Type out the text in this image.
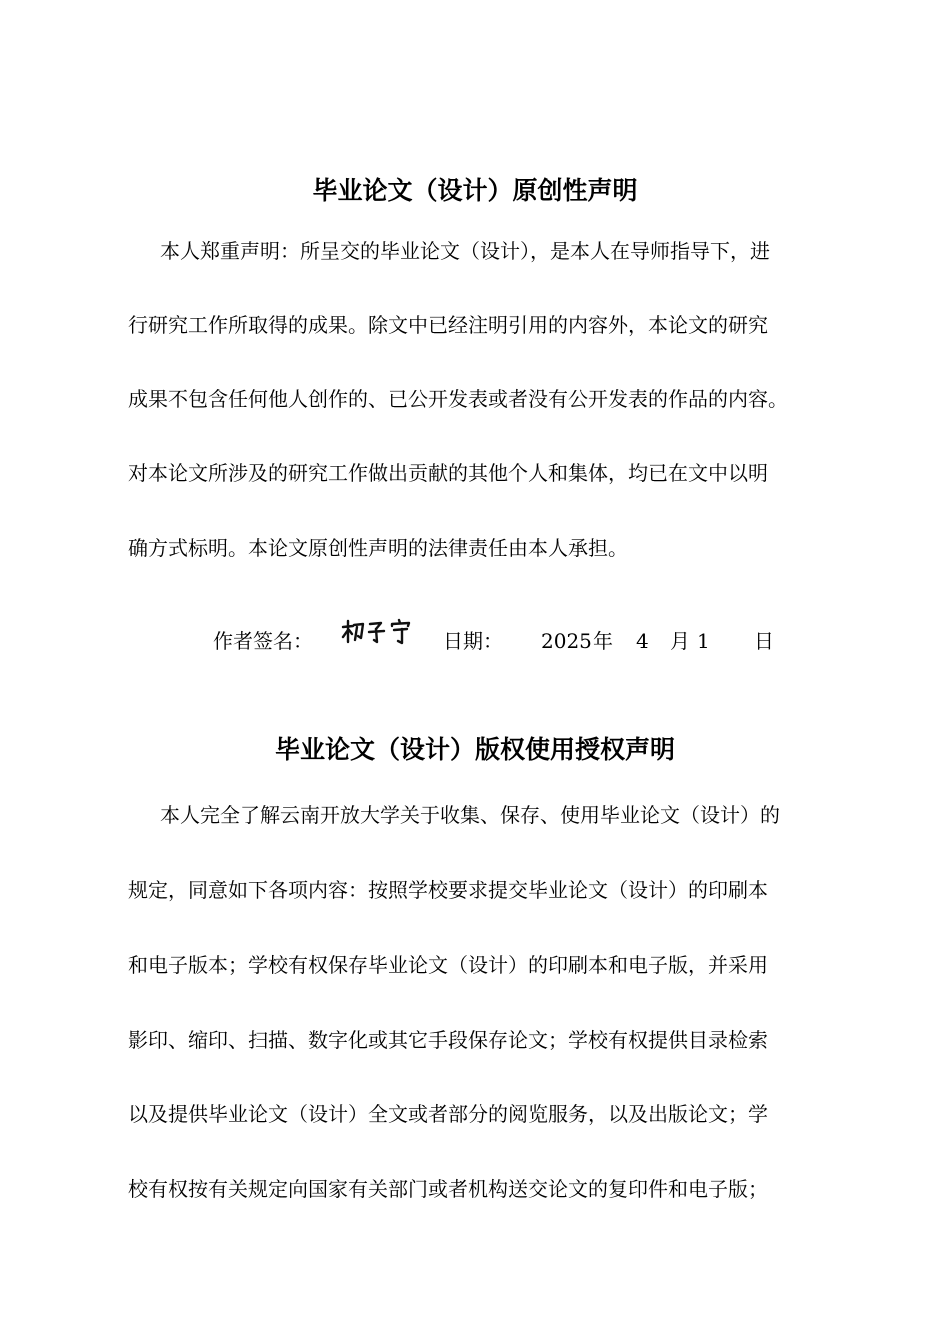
毕业论文（设计）原创性声明

本人郑重声明：所呈交的毕业论文（设计），是本人在导师指导下，进

行研究工作所取得的成果。除文中已经注明引用的内容外，本论文的研究

成果不包含任何他人创作的、已公开发表或者没有公开发表的作品的内容。

对本论文所涉及的研究工作做出贡献的其他个人和集体，均已在文中以明

确方式标明。本论文原创性声明的法律责任由本人承担。

作者签名：	日期： 2025 年 4 月 1 日
毕业论文（设计）版权使用授权声明

本人完全了解云南开放大学关于收集、保存、使用毕业论文（设计）的

规定，同意如下各项内容：按照学校要求提交毕业论文（设计）的印刷本

和电子版本；学校有权保存毕业论文（设计）的印刷本和电子版，并采用

影印、缩印、扫描、数字化或其它手段保存论文；学校有权提供目录检索

以及提供毕业论文（设计）全文或者部分的阅览服务，以及出版论文；学

校有权按有关规定向国家有关部门或者机构送交论文的复印件和电子版；
